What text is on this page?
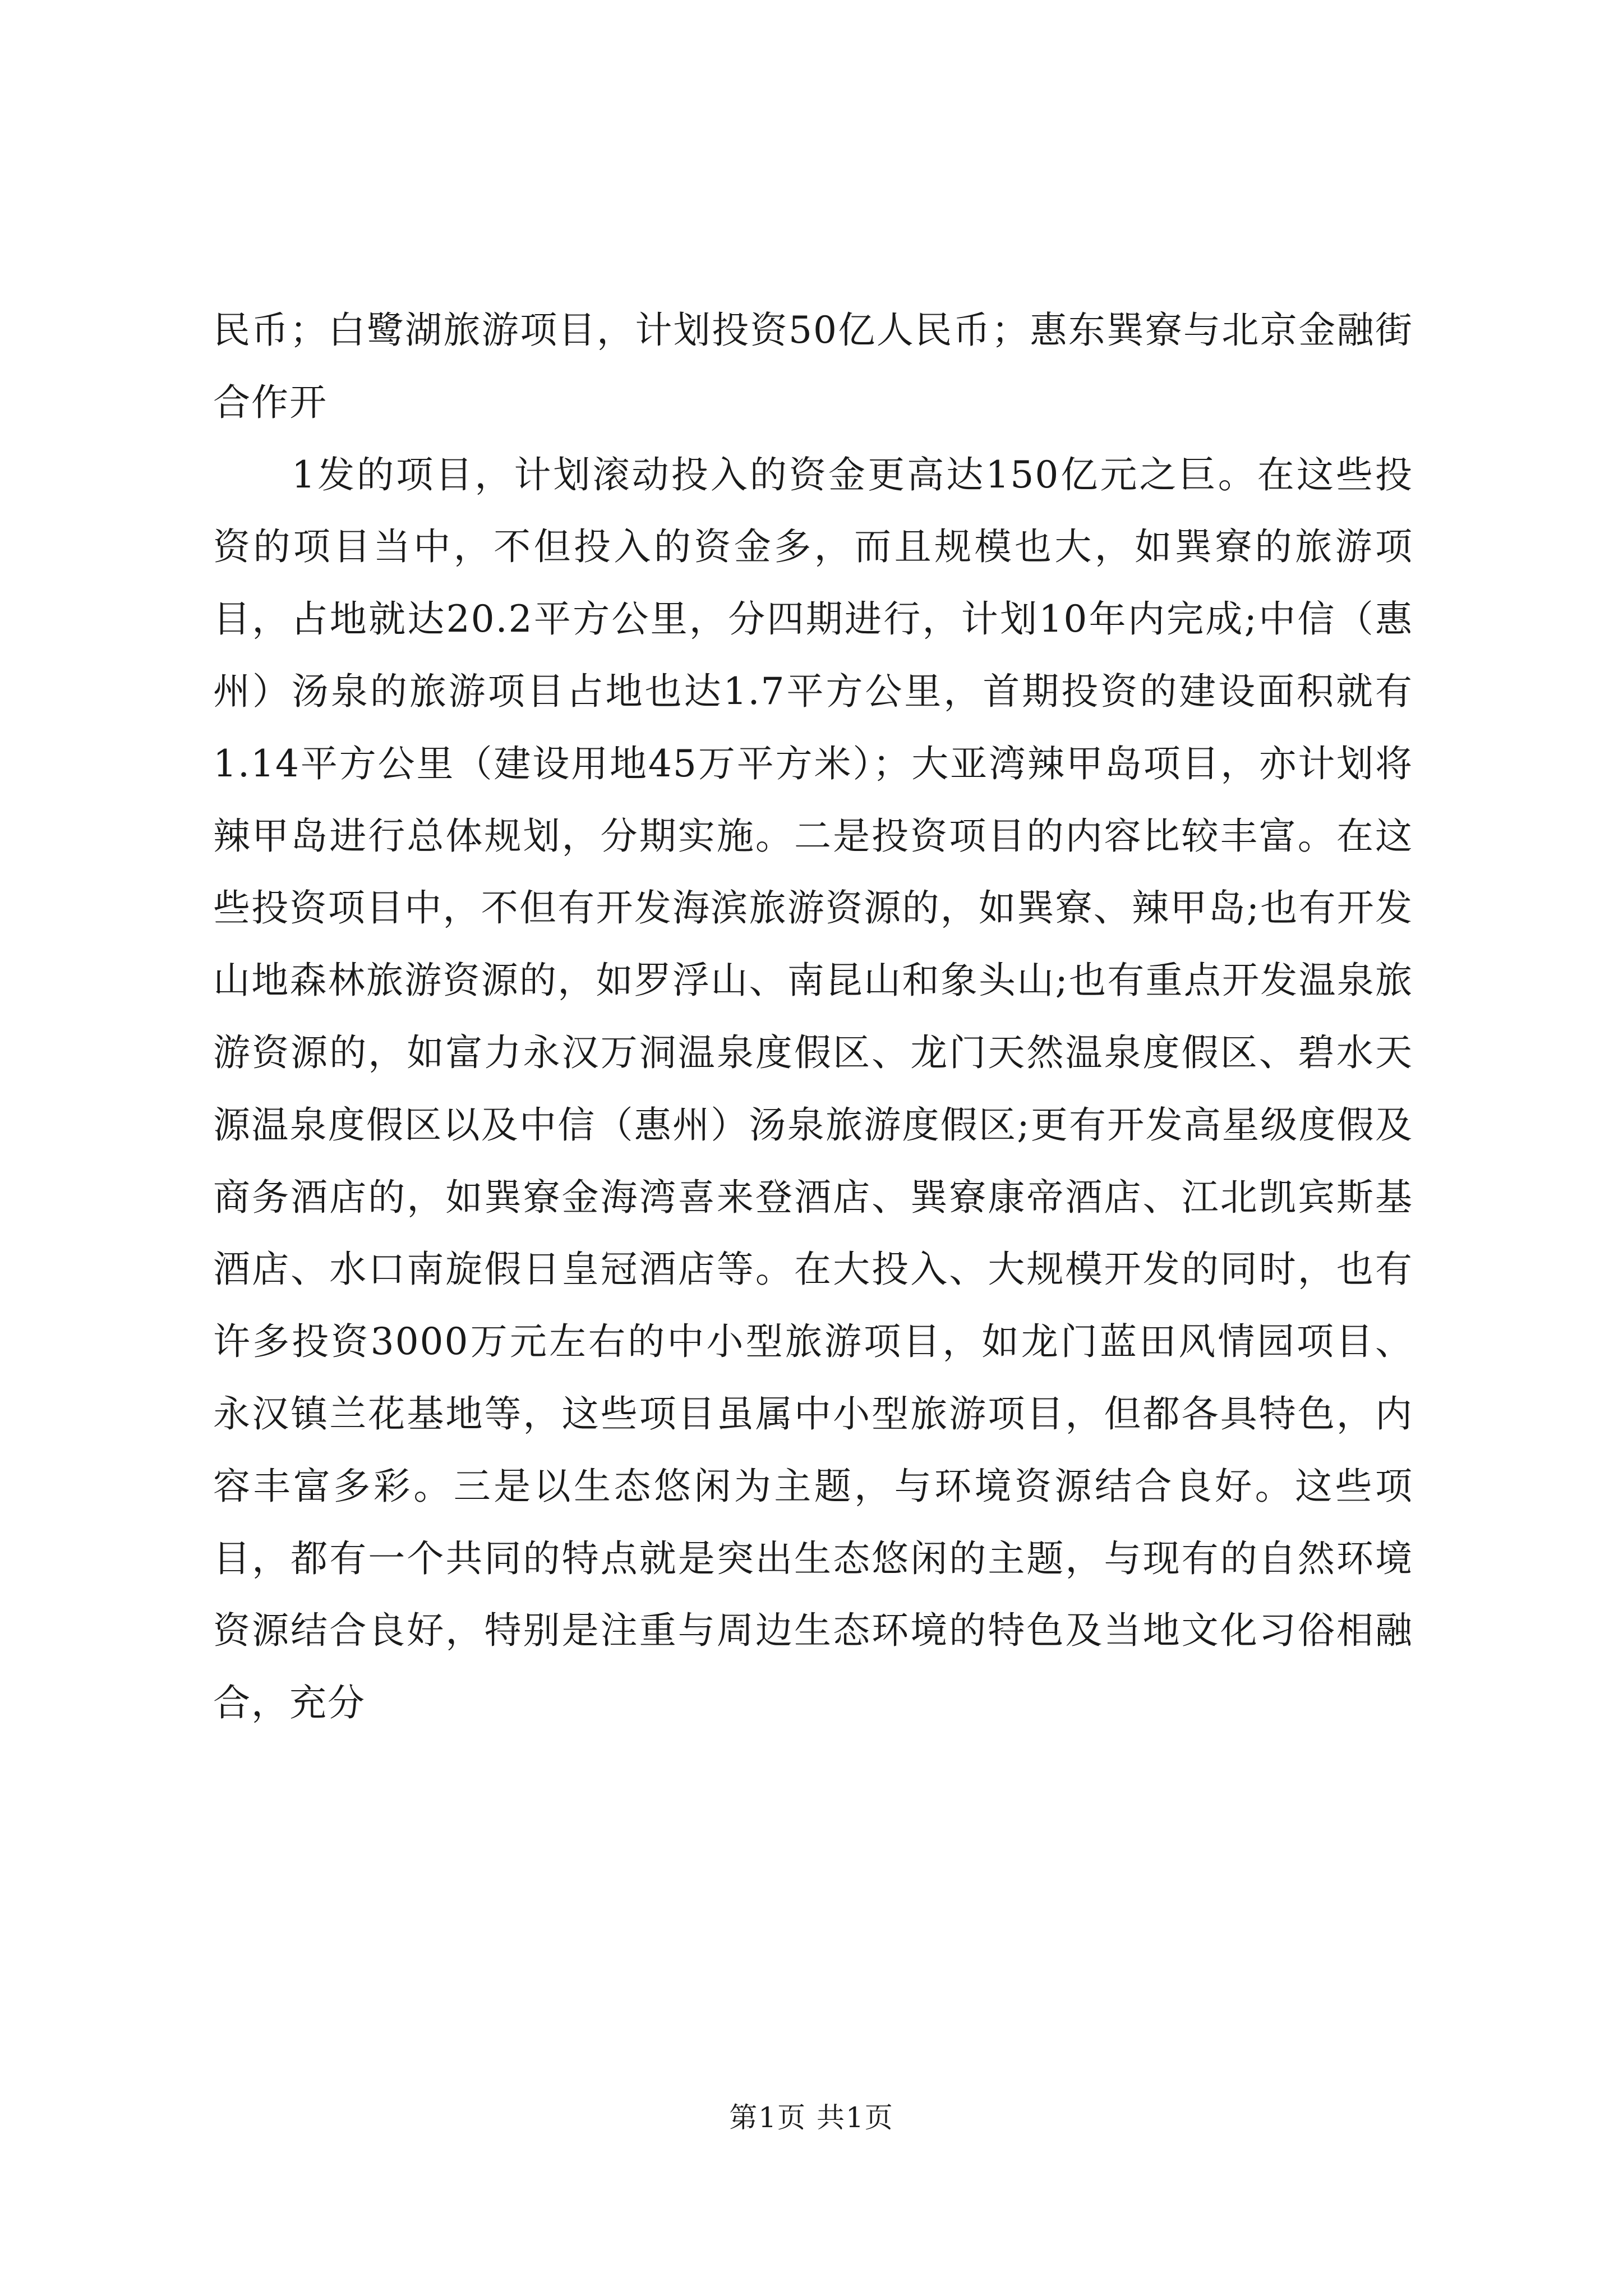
民币；白鹭湖旅游项目，计划投资50亿人民币；惠东巽寮与北京金融街合作开

1发的项目，计划滚动投入的资金更高达150亿元之巨。在这些投资的项目当中，不但投入的资金多，而且规模也大，如巽寮的旅游项目，占地就达20.2平方公里，分四期进行，计划10年内完成;中信（惠州）汤泉的旅游项目占地也达1.7平方公里，首期投资的建设面积就有1.14平方公里（建设用地45万平方米）；大亚湾辣甲岛项目，亦计划将辣甲岛进行总体规划，分期实施。二是投资项目的内容比较丰富。在这些投资项目中，不但有开发海滨旅游资源的，如巽寮、辣甲岛;也有开发山地森林旅游资源的，如罗浮山、南昆山和象头山;也有重点开发温泉旅游资源的，如富力永汉万洞温泉度假区、龙门天然温泉度假区、碧水天源温泉度假区以及中信（惠州）汤泉旅游度假区;更有开发高星级度假及商务酒店的，如巽寮金海湾喜来登酒店、巽寮康帝酒店、江北凯宾斯基酒店、水口南旋假日皇冠酒店等。在大投入、大规模开发的同时，也有许多投资3000万元左右的中小型旅游项目，如龙门蓝田风情园项目、永汉镇兰花基地等，这些项目虽属中小型旅游项目，但都各具特色，内容丰富多彩。三是以生态悠闲为主题，与环境资源结合良好。这些项目，都有一个共同的特点就是突出生态悠闲的主题，与现有的自然环境资源结合良好，特别是注重与周边生态环境的特色及当地文化习俗相融合，充分

第1页 共1页
